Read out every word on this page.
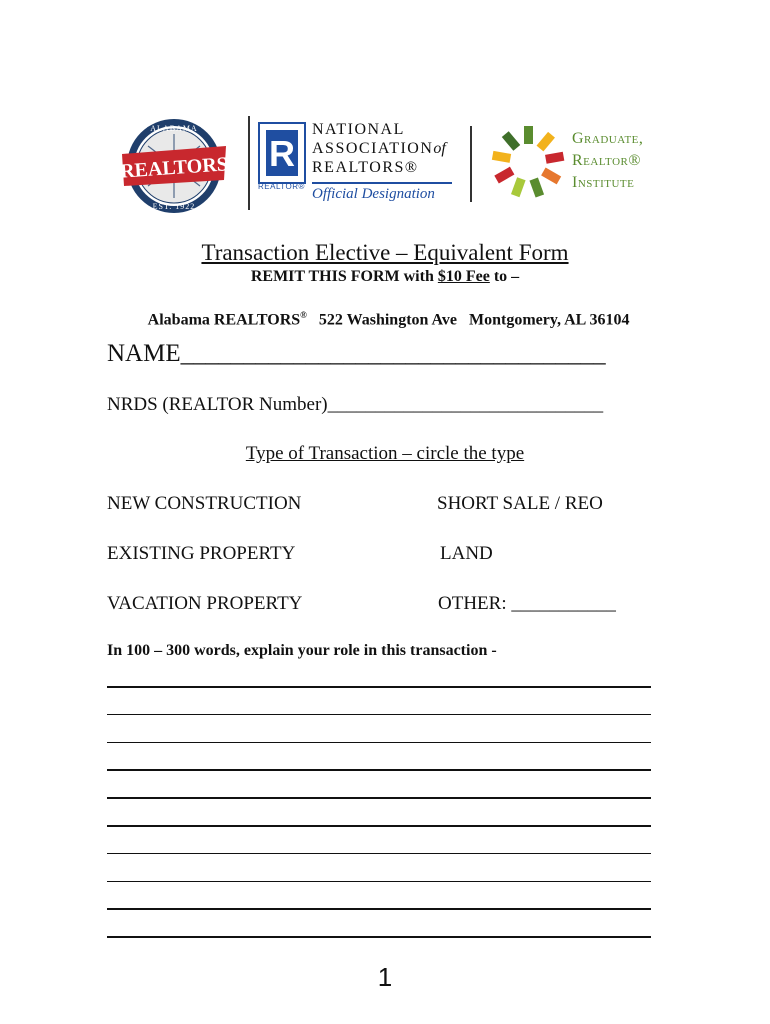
REALTORS
ALABAMA
EST. 1922
R
REALTOR®
NATIONAL
ASSOCIATIONof
REALTORS®
Official Designation
Graduate,
Realtor®
Institute
Transaction Elective – Equivalent Form
REMIT THIS FORM with $10 Fee to –

Alabama REALTORS®   522 Washington Ave   Montgomery, AL 36104

NAME__________________________________
NRDS (REALTOR Number)_____________________________
Type of Transaction – circle the type
NEW CONSTRUCTION
EXISTING PROPERTY
VACATION PROPERTY
SHORT SALE / REO
LAND
OTHER: ___________
In 100 – 300 words, explain your role in this transaction -
1
